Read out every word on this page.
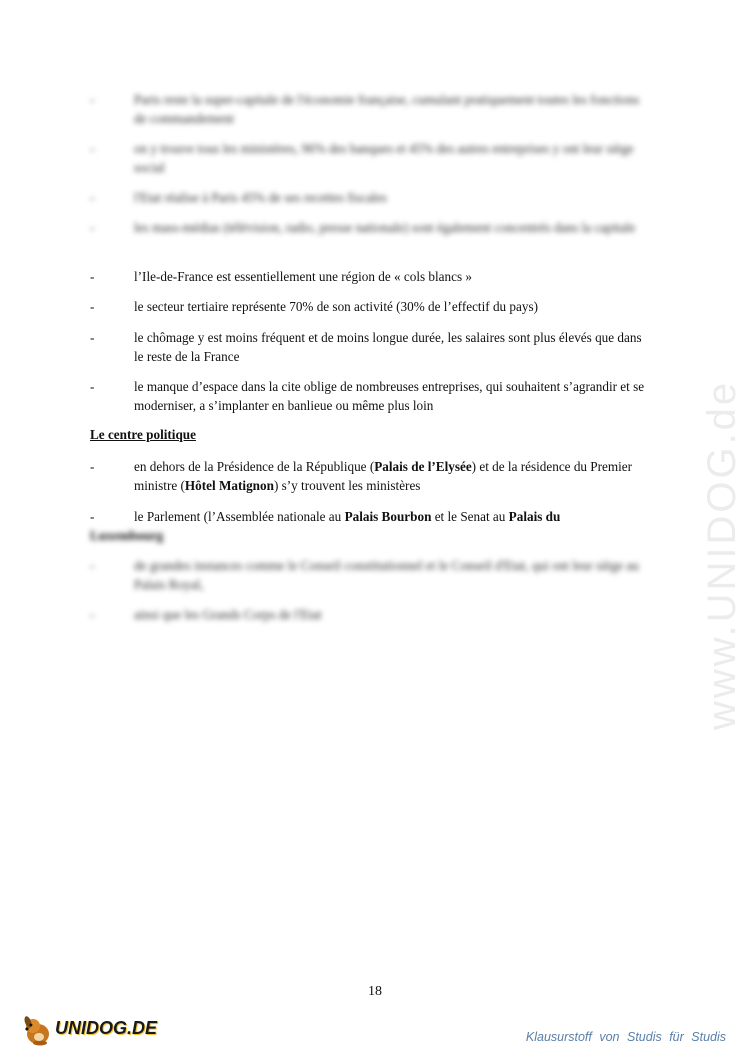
www.UNIDOG.de
-	Paris reste la super-capitale de l'économie française, cumulant pratiquement toutes les fonctions de commandement
-	on y trouve tous les ministères, 96% des banques et 45% des autres entreprises y ont leur siège social
-	l'Etat réalise à Paris 45% de ses recettes fiscales
-	les mass-médias (télévision, radio, presse nationale) sont également concentrés dans la capitale
-	l’Ile-de-France est essentiellement une région de « cols blancs »
-	le secteur tertiaire représente 70% de son activité (30% de l’effectif du pays)
-	le chômage y est moins fréquent et de moins longue durée, les salaires sont plus élevés que dans le reste de la France
-	le manque d’espace dans la cite oblige de nombreuses entreprises, qui souhaitent s’agrandir et se moderniser, a s’implanter en banlieue ou même plus loin
Le centre politique
-	en dehors de la Présidence de la République (Palais de l’Elysée) et de la résidence du Premier ministre (Hôtel Matignon) s’y trouvent les ministères
-	le Parlement (l’Assemblée nationale au Palais Bourbon et le Senat au Palais du
Luxembourg
-	de grandes instances comme le Conseil constitutionnel et le Conseil d'Etat, qui ont leur siège au Palais Royal,
-	ainsi que les Grands Corps de l'Etat
18
UNIDOG.DE	Klausurstoff von Studis für Studis
